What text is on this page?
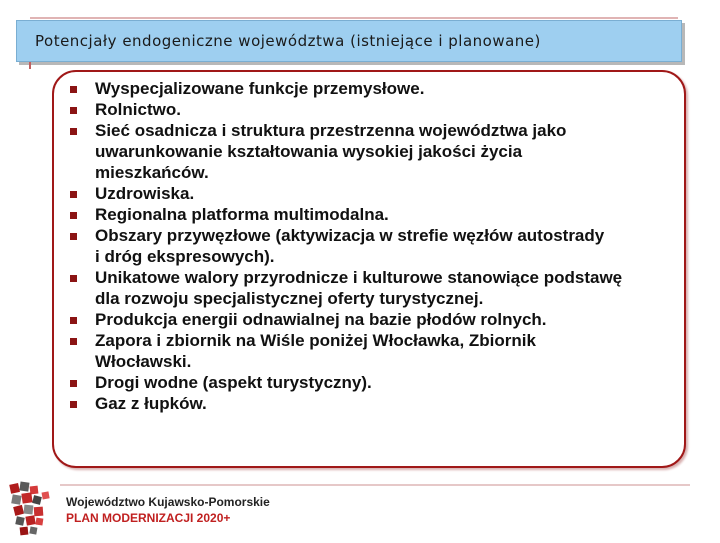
Potencjały endogeniczne województwa (istniejące i planowane)
Wyspecjalizowane funkcje przemysłowe.
Rolnictwo.
Sieć osadnicza i struktura przestrzenna województwa jako
uwarunkowanie kształtowania wysokiej jakości życia
mieszkańców.
Uzdrowiska.
Regionalna platforma multimodalna.
Obszary przywęzłowe (aktywizacja w strefie węzłów autostrady
i dróg ekspresowych).
Unikatowe walory przyrodnicze i kulturowe stanowiące podstawę
dla rozwoju specjalistycznej oferty turystycznej.
Produkcja energii odnawialnej na bazie płodów rolnych.
Zapora i zbiornik na Wiśle poniżej Włocławka, Zbiornik
Włocławski.
Drogi wodne (aspekt turystyczny).
Gaz z łupków.
Województwo Kujawsko-Pomorskie
PLAN MODERNIZACJI 2020+
